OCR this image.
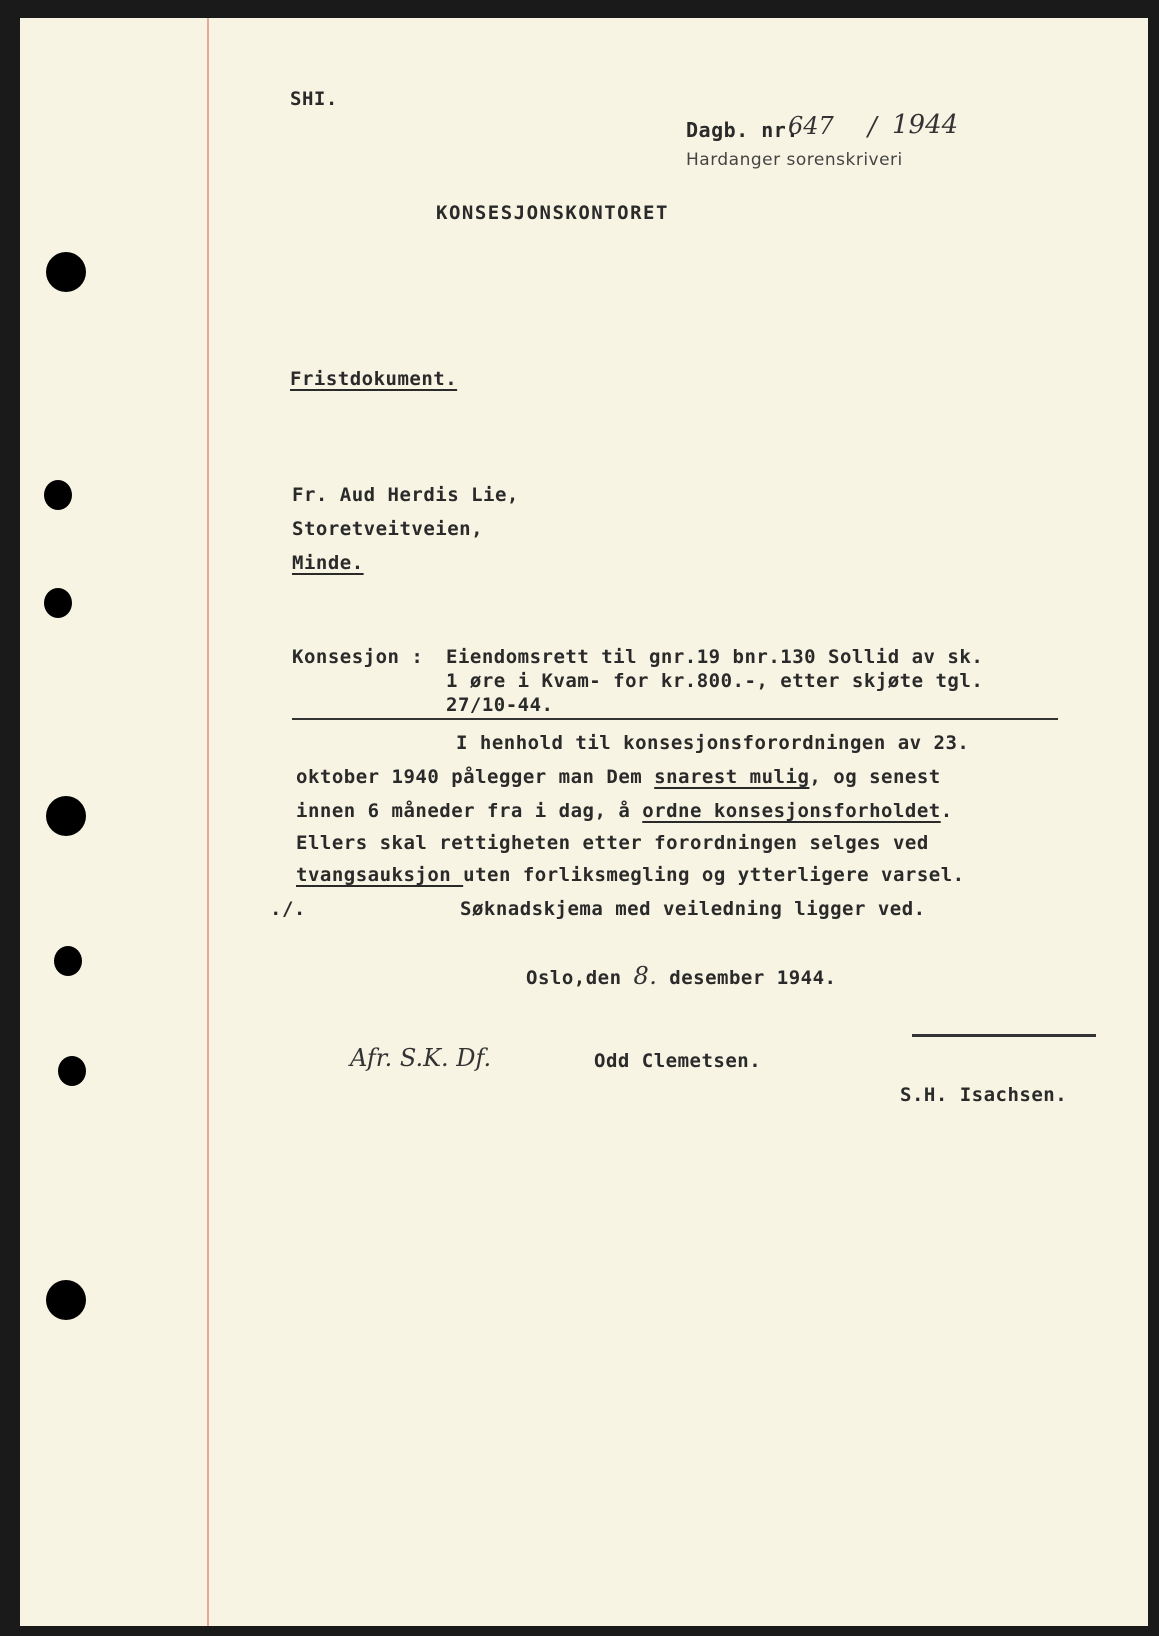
SHI.
Dagb. nr.
647 / 1944
Hardanger sorenskriveri
KONSESJONSKONTORET
Fristdokument.
Fr. Aud Herdis Lie,
Storetveitveien,
Minde.
Konsesjon : Eiendomsrett til gnr.19 bnr.130 Sollid av sk.
1 øre i Kvam- for kr.800.-, etter skjøte tgl.
27/10-44.
I henhold til konsesjonsforordningen av 23.
oktober 1940 pålegger man Dem snarest mulig, og senest
innen 6 måneder fra i dag, å ordne konsesjonsforholdet.
Ellers skal rettigheten etter forordningen selges ved
tvangsauksjon uten forliksmegling og ytterligere varsel.
./.	Søknadskjema med veiledning ligger ved.
Oslo,den 8. desember 1944.
Afr. S.K. Df.	Odd Clemetsen.
S.H. Isachsen.
